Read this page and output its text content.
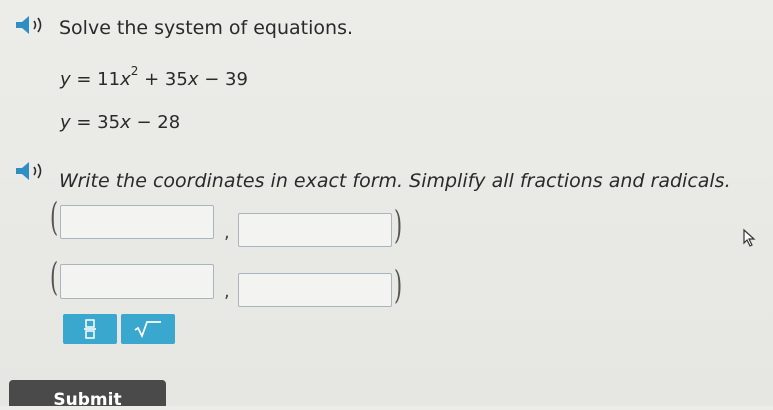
Solve the system of equations.
$y = 11x^2 + 35x - 39$
y = 35x − 28
Write the coordinates in exact form. Simplify all fractions and radicals.
(	,	)
(	,	)
Submit
